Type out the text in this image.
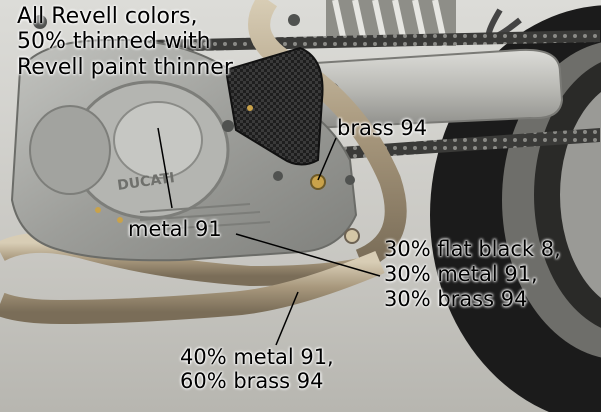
DUCATI

All Revell colors,
50% thinned with
Revell paint thinner

brass 94

metal 91

30% flat black 8,
30% metal 91,
30% brass 94

40% metal 91,
60% brass 94
